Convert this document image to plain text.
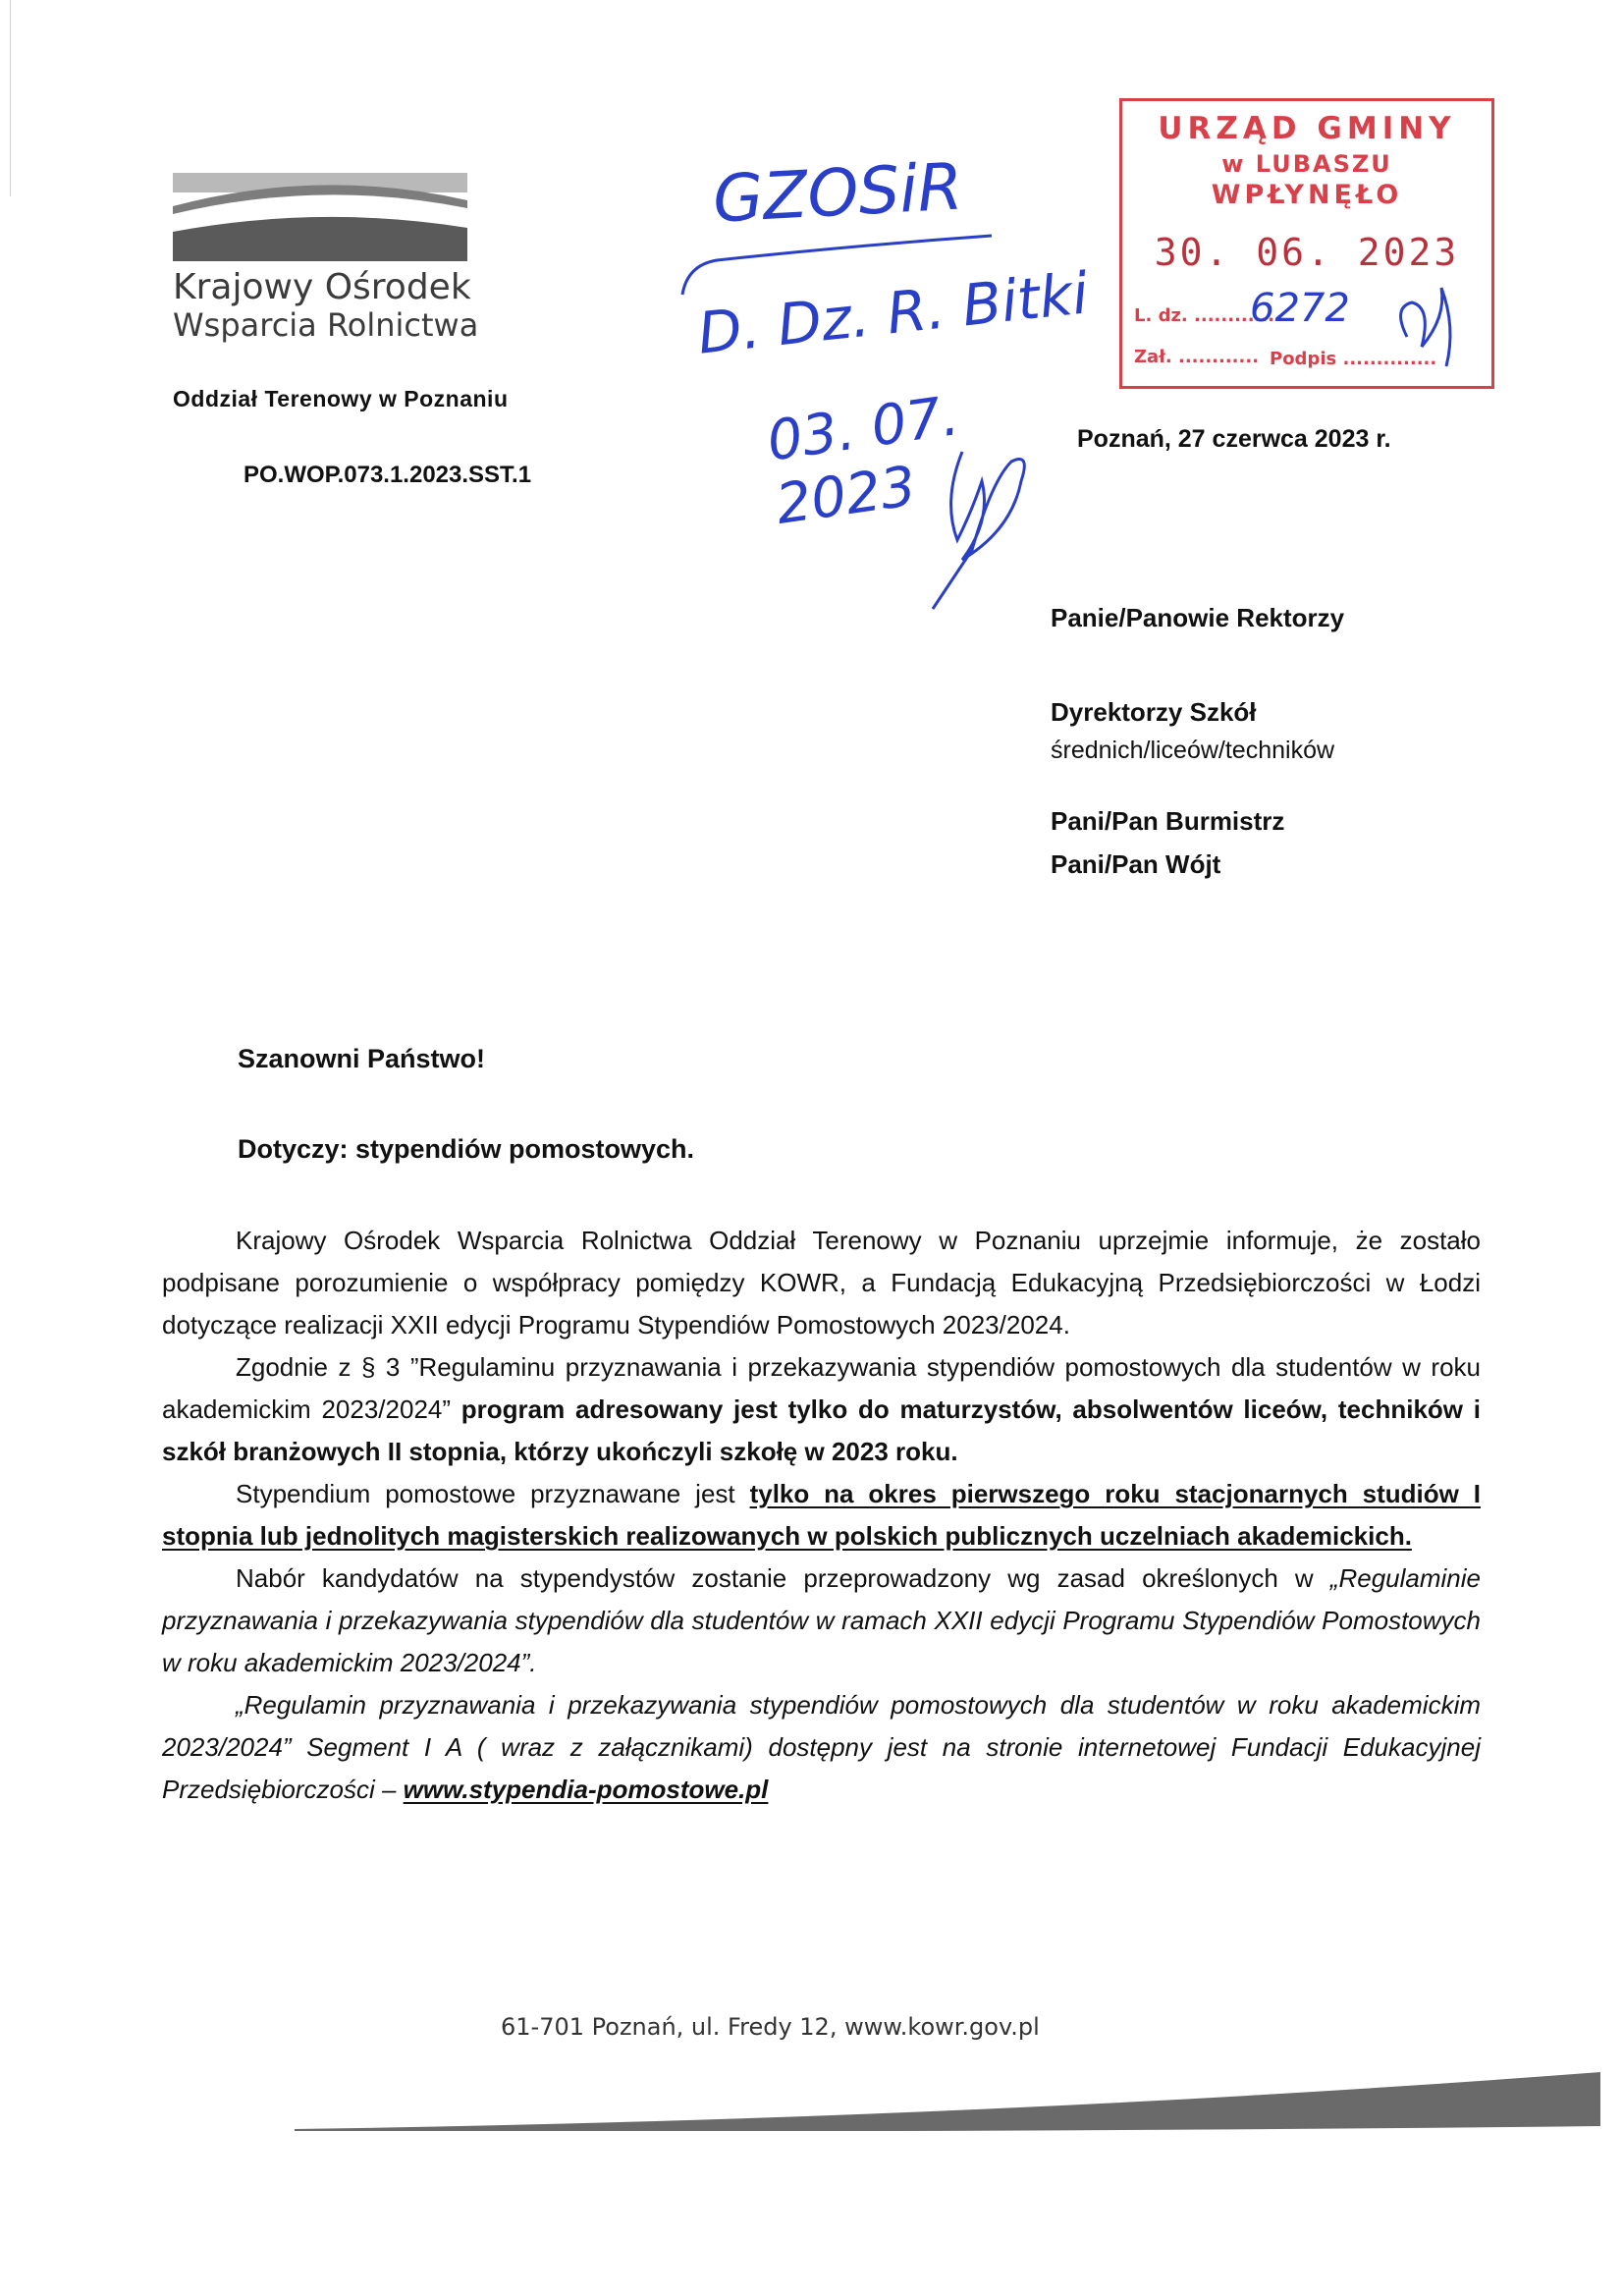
Krajowy Ośrodek
Wsparcia Rolnictwa
Oddział Terenowy w Poznaniu
PO.WOP.073.1.2023.SST.1
GZOSiR
D. Dz. R. Bitki
03. 07. 2023
URZĄD GMINY
w LUBASZU
WPŁYNĘŁO
30. 06. 2023
L. dz. ............
6272
Zał. ............ Podpis ..............
Poznań, 27 czerwca 2023 r.
Panie/Panowie Rektorzy
Dyrektorzy Szkół
średnich/liceów/techników
Pani/Pan Burmistrz
Pani/Pan Wójt
Szanowni Państwo!
Dotyczy: stypendiów pomostowych.

Krajowy Ośrodek Wsparcia Rolnictwa Oddział Terenowy w Poznaniu uprzejmie informuje, że zostało podpisane porozumienie o współpracy pomiędzy KOWR, a Fundacją Edukacyjną Przedsiębiorczości w Łodzi dotyczące realizacji XXII edycji Programu Stypendiów Pomostowych 2023/2024.

Zgodnie z § 3 ”Regulaminu przyznawania i przekazywania stypendiów pomostowych dla studentów w roku akademickim 2023/2024” program adresowany jest tylko do maturzystów, absolwentów liceów, techników i szkół branżowych II stopnia, którzy ukończyli szkołę w 2023 roku.

Stypendium pomostowe przyznawane jest tylko na okres pierwszego roku stacjonarnych studiów I stopnia lub jednolitych magisterskich realizowanych w polskich publicznych uczelniach akademickich.

Nabór kandydatów na stypendystów zostanie przeprowadzony wg zasad określonych w „Regulaminie przyznawania i przekazywania stypendiów dla studentów w ramach XXII edycji Programu Stypendiów Pomostowych w roku akademickim 2023/2024”.

„Regulamin przyznawania i przekazywania stypendiów pomostowych dla studentów w roku akademickim 2023/2024” Segment I A ( wraz z załącznikami) dostępny jest na stronie internetowej Fundacji Edukacyjnej Przedsiębiorczości – www.stypendia-pomostowe.pl

61-701 Poznań, ul. Fredy 12, www.kowr.gov.pl
